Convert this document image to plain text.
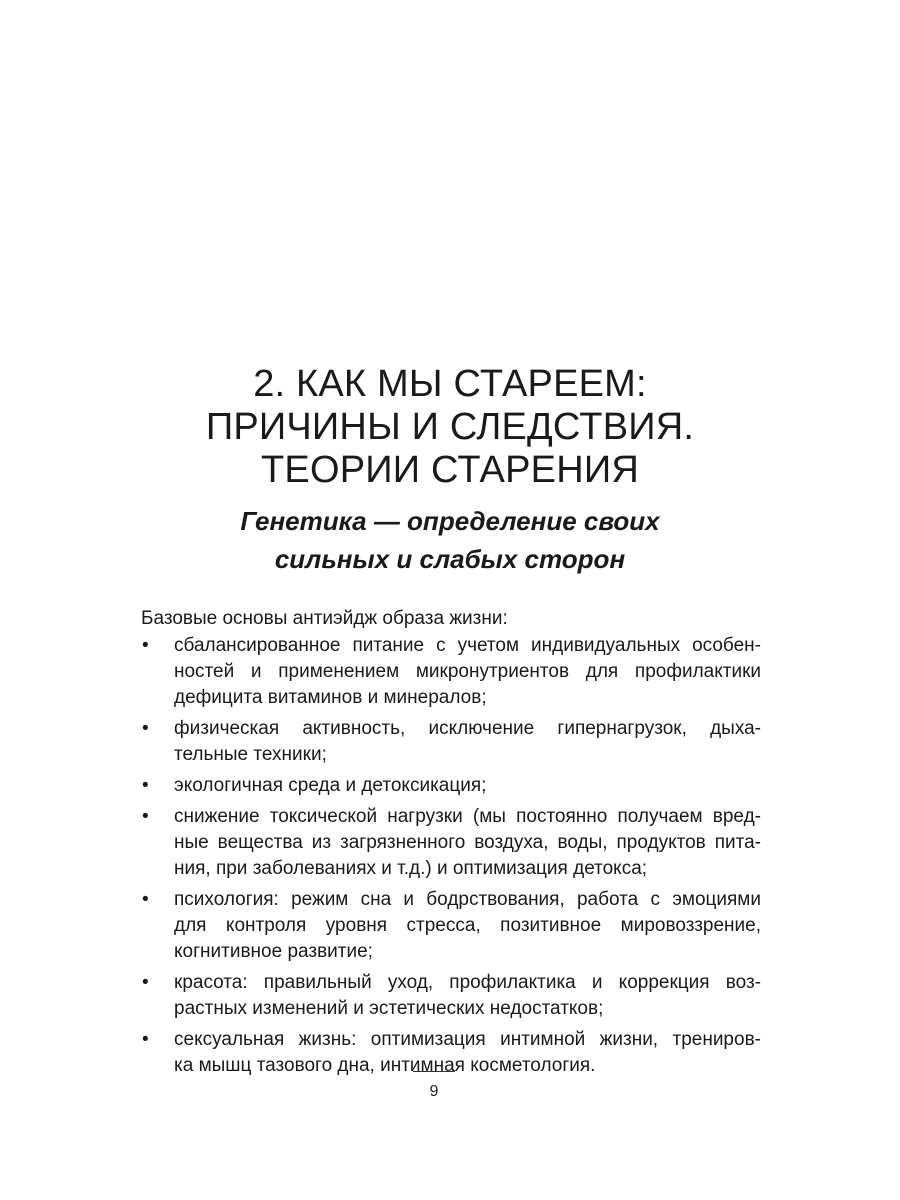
2. КАК МЫ СТАРЕЕМ:
ПРИЧИНЫ И СЛЕДСТВИЯ.
ТЕОРИИ СТАРЕНИЯ
Генетика — определение своих
сильных и слабых сторон

Базовые основы антиэйдж образа жизни:

• сбалансированное питание с учетом индивидуальных особен-
ностей и применением микронутриентов для профилактики
дефицита витаминов и минералов;
• физическая активность, исключение гипернагрузок, дыха-
тельные техники;
• экологичная среда и детоксикация;
• снижение токсической нагрузки (мы постоянно получаем вред-
ные вещества из загрязненного воздуха, воды, продуктов пита-
ния, при заболеваниях и т.д.) и оптимизация детокса;
• психология: режим сна и бодрствования, работа с эмоциями
для контроля уровня стресса, позитивное мировоззрение,
когнитивное развитие;
• красота: правильный уход, профилактика и коррекция воз-
растных изменений и эстетических недостатков;
• сексуальная жизнь: оптимизация интимной жизни, трениров-
ка мышц тазового дна, интимная косметология.
9
